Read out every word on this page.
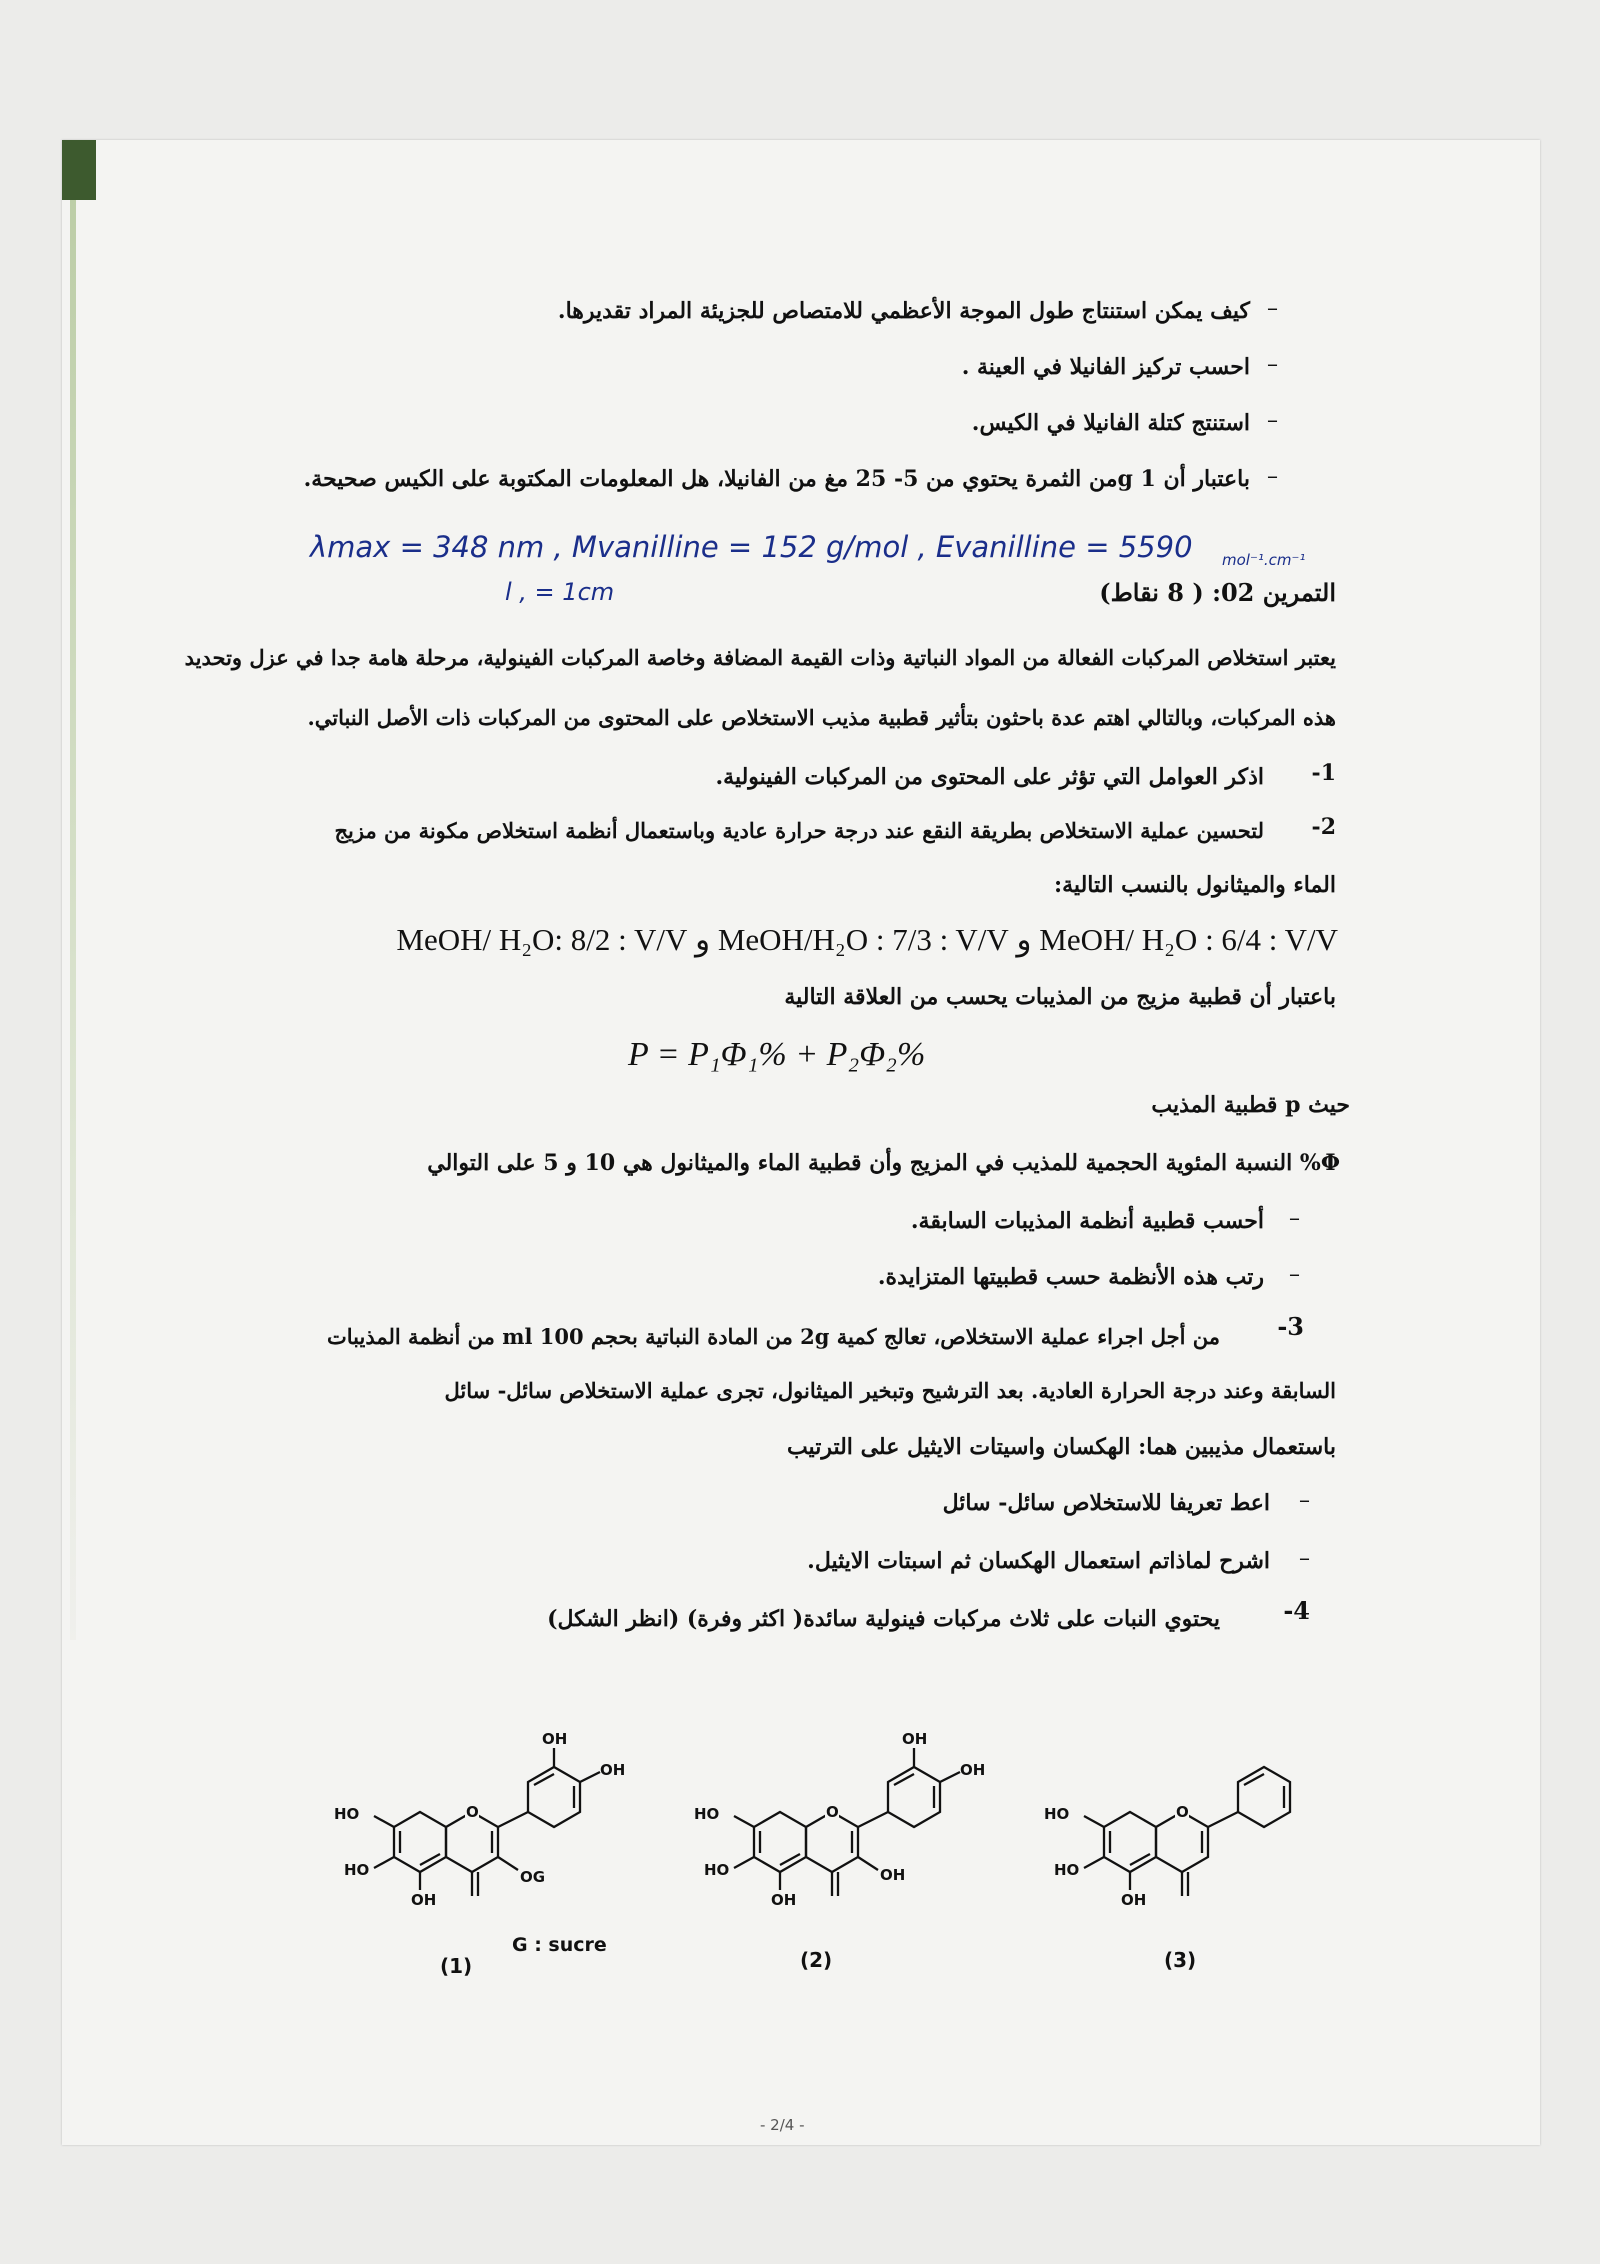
–
كيف يمكن استنتاج طول الموجة الأعظمي للامتصاص للجزيئة المراد تقديرها.
–
احسب تركيز الفانيلا في العينة .
–
استنتج كتلة الفانيلا في الكيس.
–
باعتبار أن g 1من الثمرة يحتوي من 5- 25 مغ من الفانيلا، هل المعلومات المكتوبة على الكيس صحيحة.
λmax = 348 nm , Mvanilline = 152 g/mol , Evanilline = 5590 mol⁻¹.cm⁻¹
l , = 1cm	التمرين 02: ( 8 نقاط)
يعتبر استخلاص المركبات الفعالة من المواد النباتية وذات القيمة المضافة وخاصة المركبات الفينولية، مرحلة هامة جدا في عزل وتحديد
هذه المركبات، وبالتالي اهتم عدة باحثون بتأثير قطبية مذيب الاستخلاص على المحتوى من المركبات ذات الأصل النباتي.
1-
اذكر العوامل التي تؤثر على المحتوى من المركبات الفينولية.
2-
لتحسين عملية الاستخلاص بطريقة النقع عند درجة حرارة عادية وباستعمال أنظمة استخلاص مكونة من مزيج
الماء والميثانول بالنسب التالية:
MeOH/ H₂O : 6/4 : V/V و MeOH/H₂O : 7/3 : V/V و MeOH/ H₂O: 8/2 : V/V
باعتبار أن قطبية مزيج من المذيبات يحسب من العلاقة التالية
P = P₁Φ₁% + P₂Φ₂%
حيث p قطبية المذيب
Φ% النسبة المئوية الحجمية للمذيب في المزيج وأن قطبية الماء والميثانول هي 10 و 5 على التوالي
–
أحسب قطبية أنظمة المذيبات السابقة.
–
رتب هذه الأنظمة حسب قطبيتها المتزايدة.
3-
من أجل اجراء عملية الاستخلاص، تعالج كمية 2g من المادة النباتية بحجم 100 ml من أنظمة المذيبات
السابقة وعند درجة الحرارة العادية. بعد الترشيح وتبخير الميثانول، تجرى عملية الاستخلاص سائل- سائل
باستعمال مذيبين هما: الهكسان واسيتات الايثيل على الترتيب
–
اعط تعريفا للاستخلاص سائل- سائل
–
اشرح لماذاتم استعمال الهكسان ثم اسبتات الايثيل.
4-
يحتوي النبات على ثلاث مركبات فينولية سائدة( اكثر وفرة) (انظر الشكل)
O
HO
HO
OH
OG
OH
OH
G : sucre
(1)
O
HO
HO
OH
OH
OH
OH
(2)
O
HO
HO
OH
(3)
- 2/4 -
